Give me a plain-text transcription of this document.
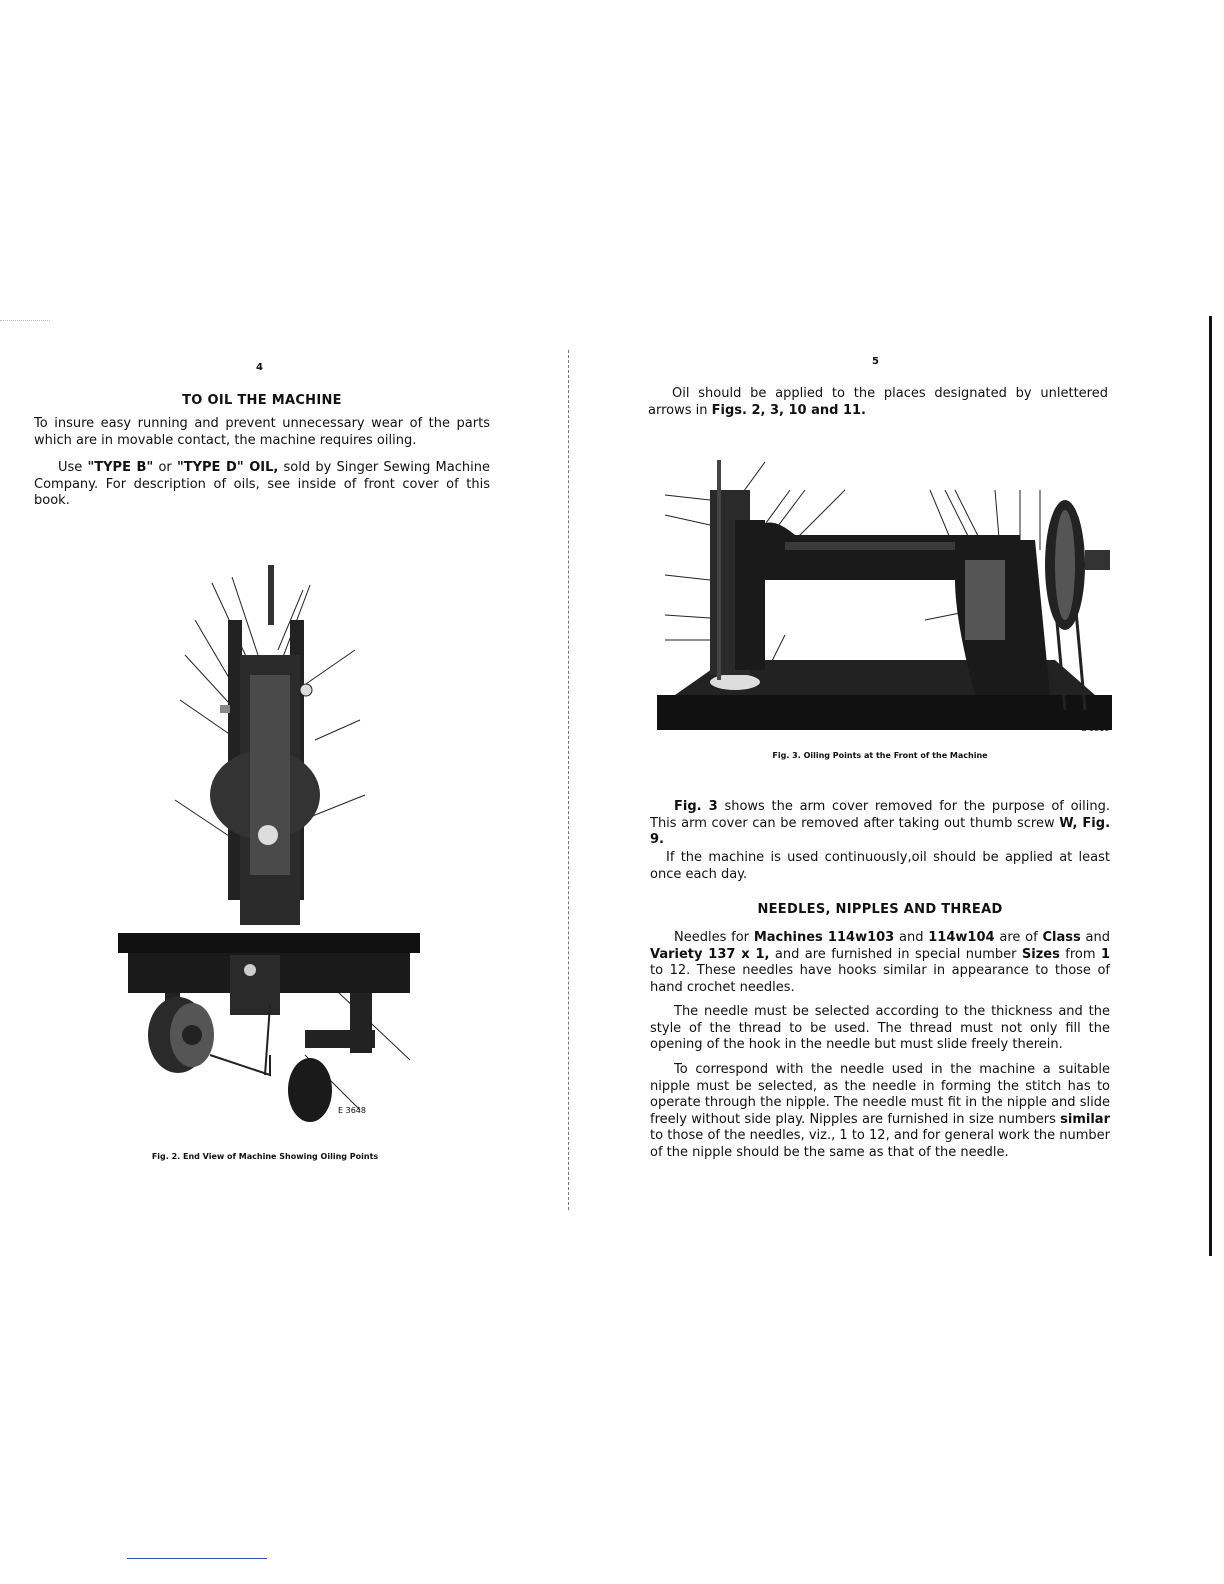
4
TO OIL THE MACHINE
To insure easy running and prevent unnecessary wear of the parts which are in movable contact, the machine requires oiling.
Use "TYPE B" or "TYPE D" OIL, sold by Singer Sewing Machine Company. For description of oils, see inside of front cover of this book.
E 3648
Fig. 2. End View of Machine Showing Oiling Points
5
Oil should be applied to the places designated by unlettered arrows in Figs. 2, 3, 10 and 11.
E 3319
Fig. 3. Oiling Points at the Front of the Machine
Fig. 3 shows the arm cover removed for the purpose of oiling. This arm cover can be removed after taking out thumb screw W, Fig. 9.
If the machine is used continuously,oil should be applied at least once each day.
NEEDLES, NIPPLES AND THREAD
Needles for Machines 114w103 and 114w104 are of Class and Variety 137 x 1, and are furnished in special number Sizes from 1 to 12. These needles have hooks similar in appearance to those of hand crochet needles.
The needle must be selected according to the thickness and the style of the thread to be used. The thread must not only fill the opening of the hook in the needle but must slide freely therein.
To correspond with the needle used in the machine a suitable nipple must be selected, as the needle in forming the stitch has to operate through the nipple. The needle must fit in the nipple and slide freely without side play. Nipples are furnished in size numbers similar to those of the needles, viz., 1 to 12, and for general work the number of the nipple should be the same as that of the needle.
